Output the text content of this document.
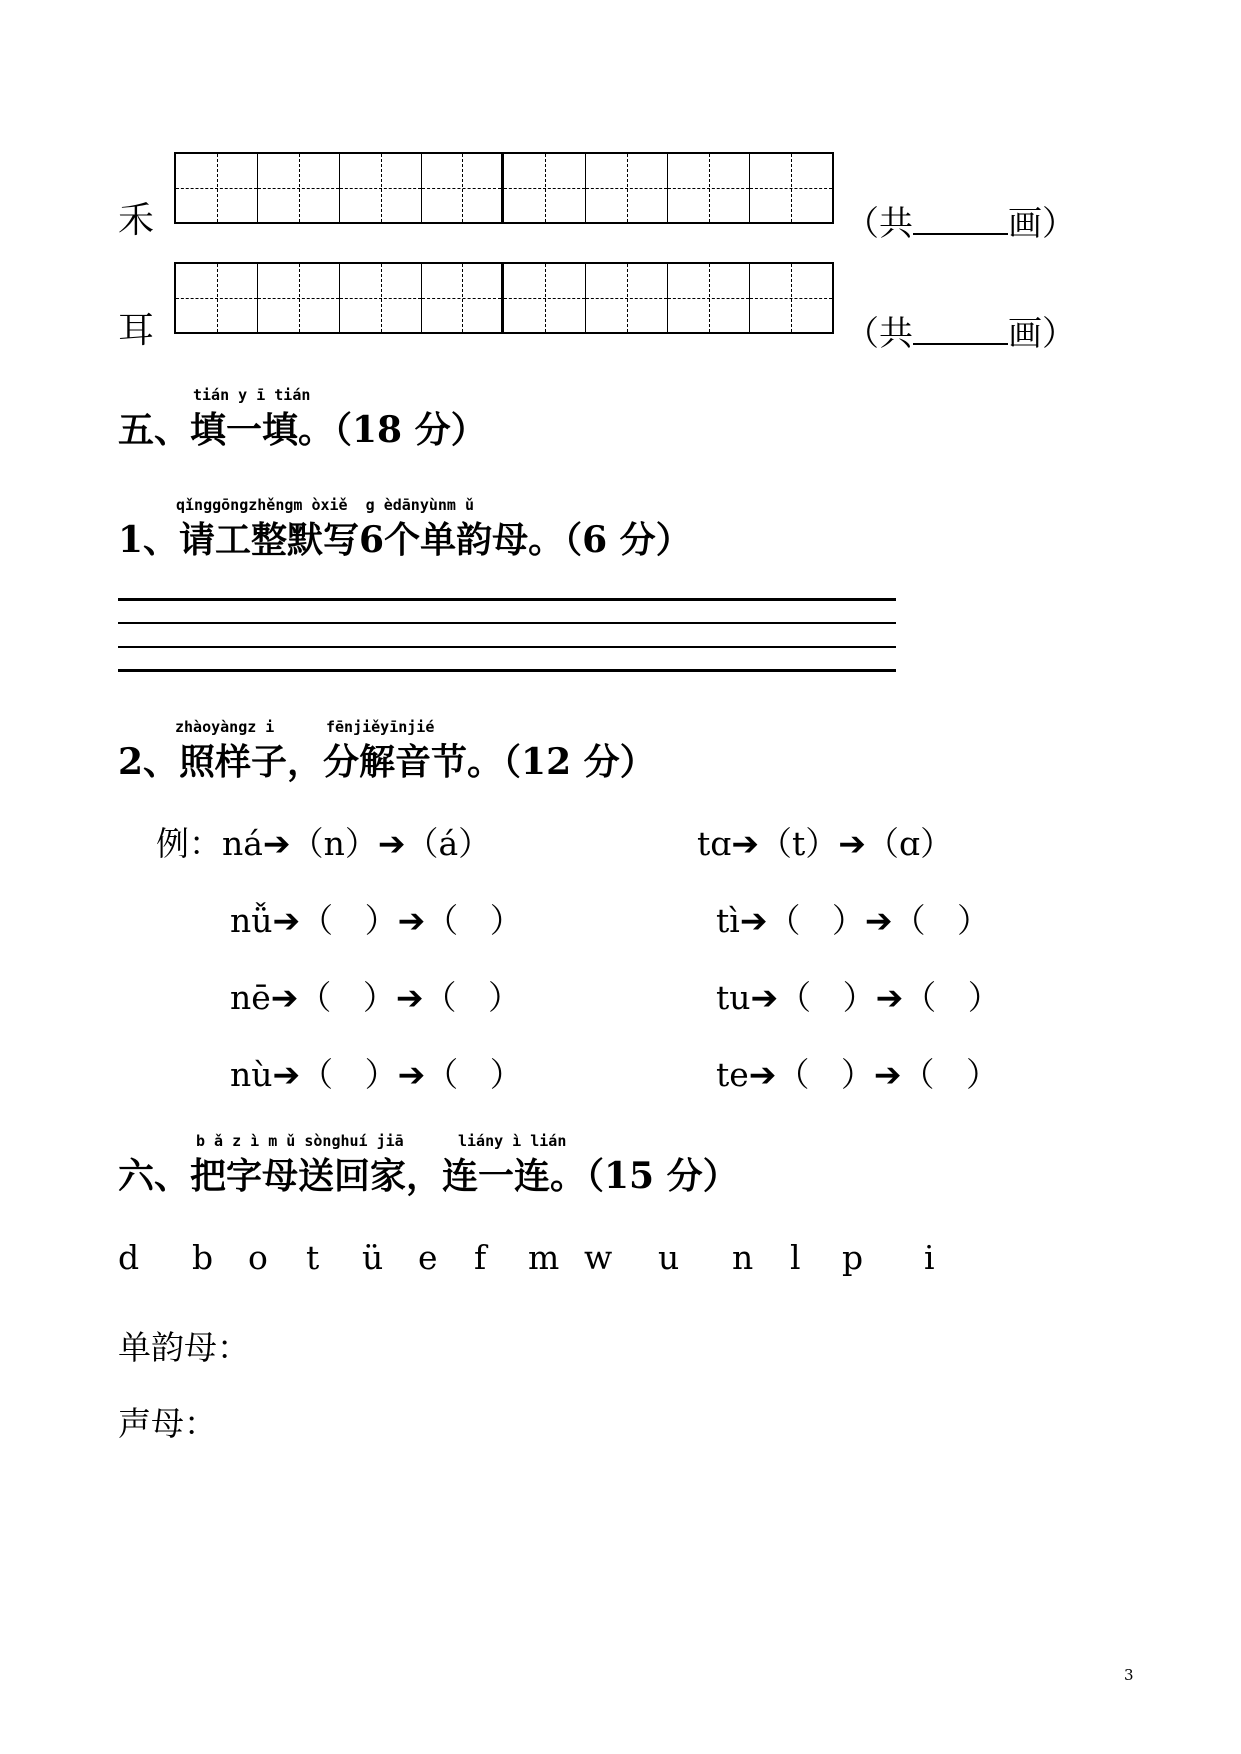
禾	（共	画）
耳	（共	画）
tián y ī tián
五、填一填。（18 分）
qǐnggōngzhěngm òxiě  g èdānyùnm ǔ
1、请工整默写6个单韵母。（6 分）
zhàoyàngz i	fēnjiěyīnjié
2、照样子，分解音节。（12 分）
例：ná➔（n）➔（á）	tɑ➔（t）➔（ɑ）
nǚ➔（   ）➔（   ）	tì➔（   ）➔（   ）
nē➔（   ）➔（   ）	tu➔（   ）➔（   ）
nù➔（   ）➔（   ）	te➔（   ）➔（   ）
b ǎ z ì m ǔ sònghuí jiā	liány ì lián
六、把字母送回家，连一连。（15 分）
d b o t ü e f m w u n l p i
单韵母：
声母：
3
